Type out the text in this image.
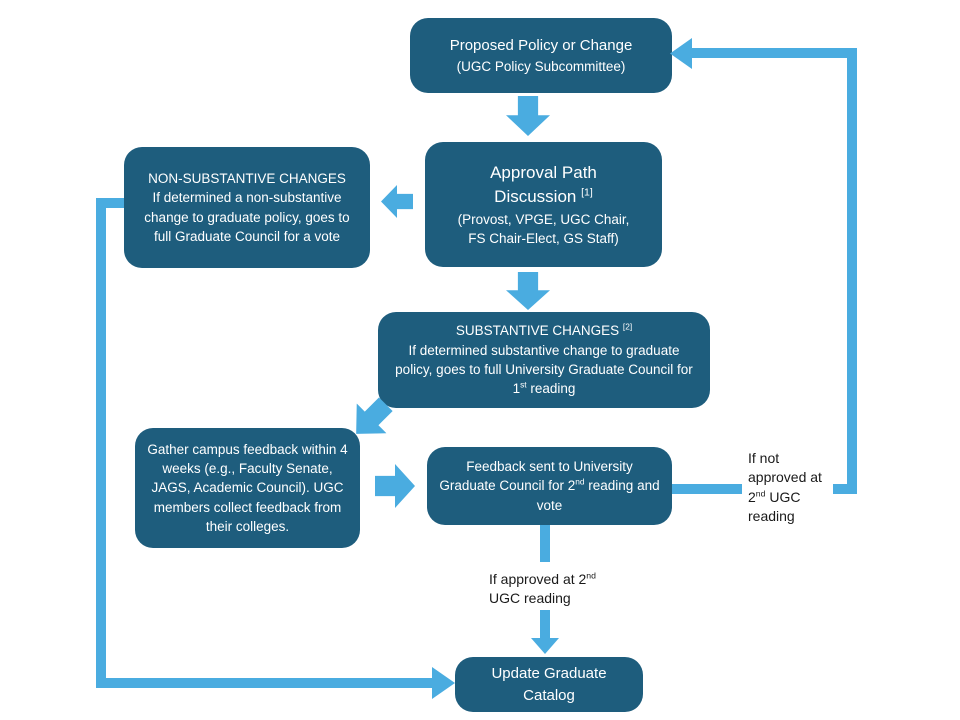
Proposed Policy or Change
(UGC Policy Subcommittee)
Approval Path
Discussion [1]
(Provost, VPGE, UGC Chair,
FS Chair-Elect, GS Staff)
NON-SUBSTANTIVE CHANGES
If determined a non-substantive change to graduate policy, goes to full Graduate Council for a vote
SUBSTANTIVE CHANGES [2]
If determined substantive change to graduate policy, goes to full University Graduate Council for 1st reading
Gather campus feedback within 4 weeks (e.g., Faculty Senate, JAGS, Academic Council). UGC members collect feedback from their colleges.
Feedback sent to University Graduate Council for 2nd reading and vote
Update Graduate Catalog
If not approved at 2nd UGC reading
If approved at 2nd UGC reading
